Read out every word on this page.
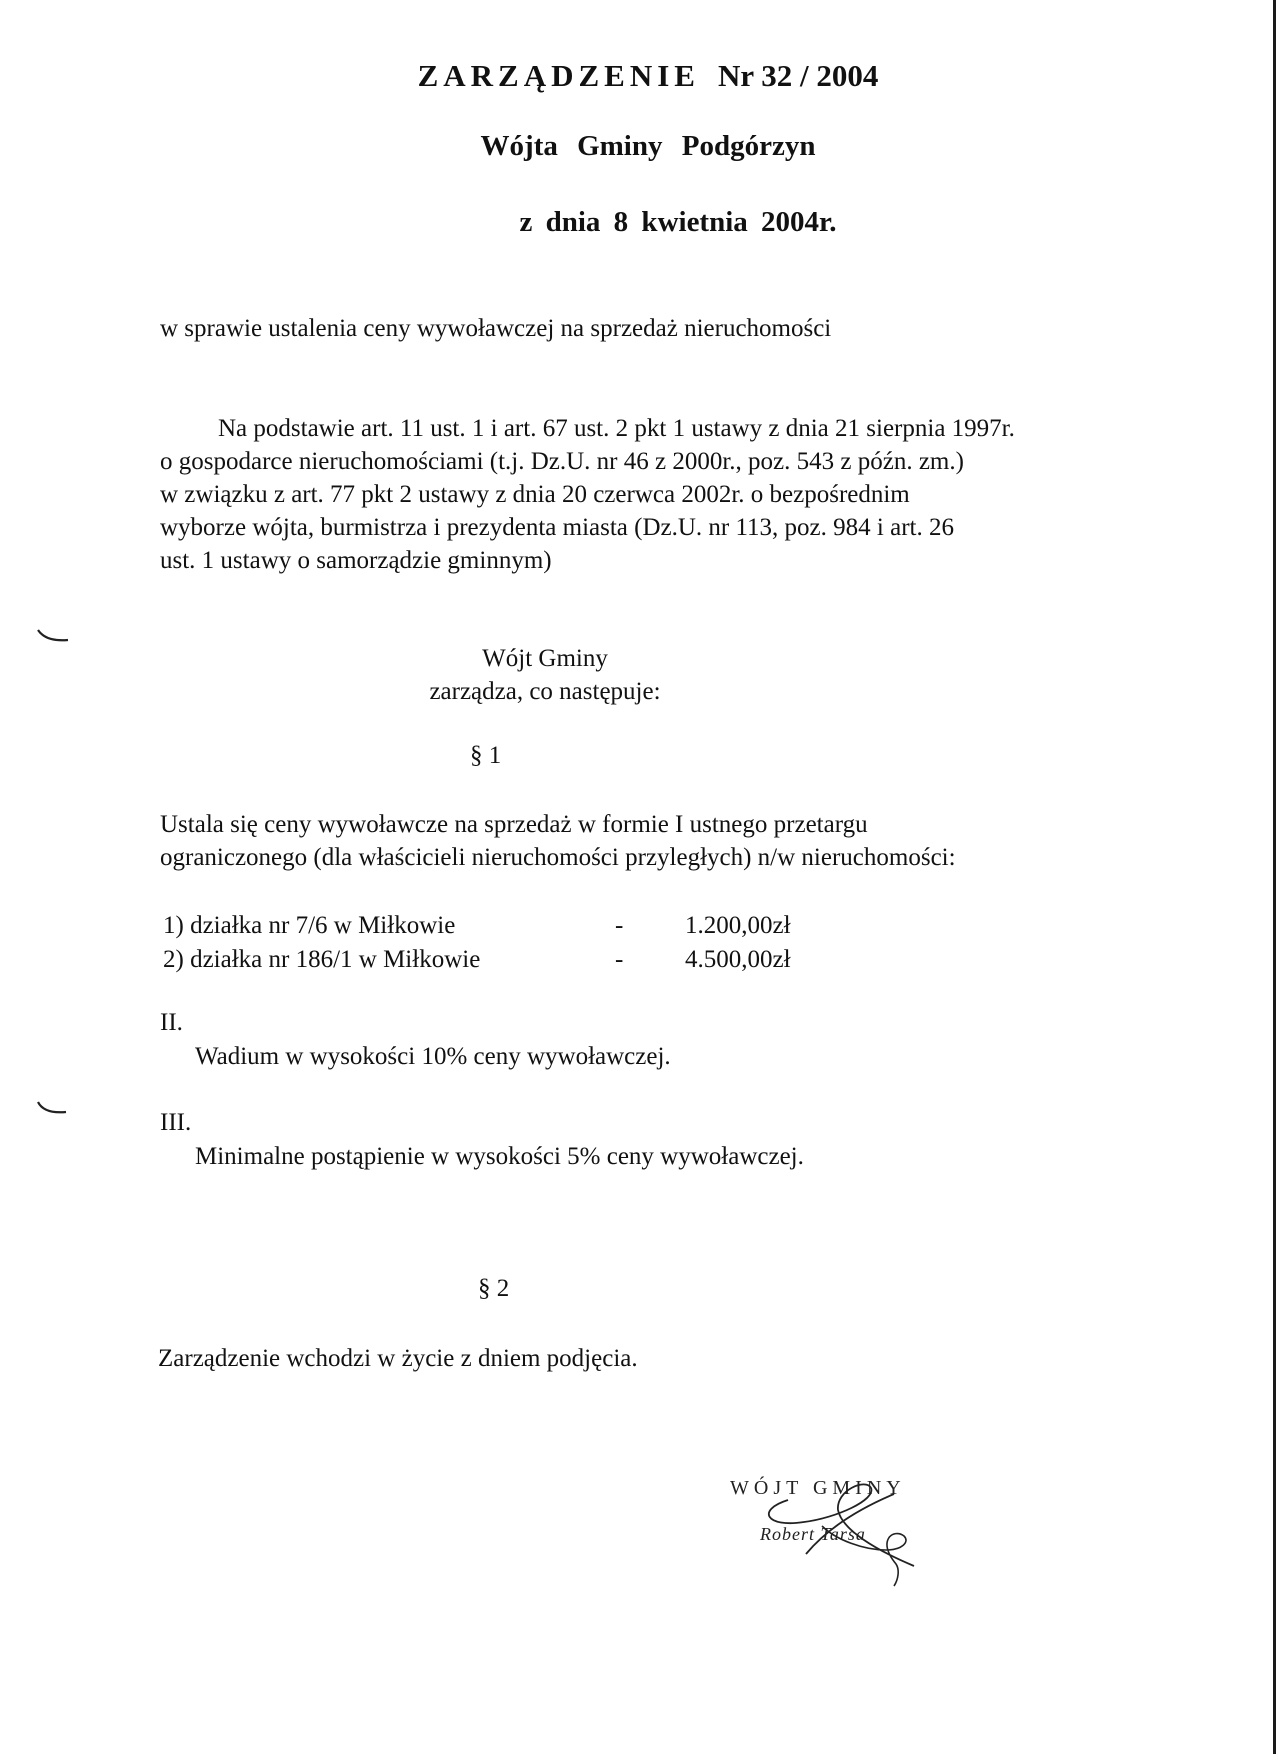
ZARZĄDZENIE Nr 32 / 2004
Wójta Gminy Podgórzyn
z dnia 8 kwietnia 2004r.
w sprawie ustalenia ceny wywoławczej na sprzedaż nieruchomości
Na podstawie art. 11 ust. 1 i art. 67 ust. 2 pkt 1 ustawy z dnia 21 sierpnia 1997r.
o gospodarce nieruchomościami (t.j. Dz.U. nr 46 z 2000r., poz. 543 z późn. zm.)
w związku z art. 77 pkt 2 ustawy z dnia 20 czerwca 2002r. o bezpośrednim
wyborze wójta, burmistrza i prezydenta miasta (Dz.U. nr 113, poz. 984 i art. 26
ust. 1 ustawy o samorządzie gminnym)
Wójt Gminy
zarządza, co następuje:
§ 1
Ustala się ceny wywoławcze na sprzedaż w formie I ustnego przetargu
ograniczonego (dla właścicieli nieruchomości przyległych) n/w nieruchomości:
1) działka nr 7/6 w Miłkowie	- 1.200,00zł
2) działka nr 186/1 w Miłkowie	- 4.500,00zł
II.
Wadium w wysokości 10% ceny wywoławczej.
III.
Minimalne postąpienie w wysokości 5% ceny wywoławczej.
§ 2
Zarządzenie wchodzi w życie z dniem podjęcia.
WÓJT GMINY
Robert Tarsa
